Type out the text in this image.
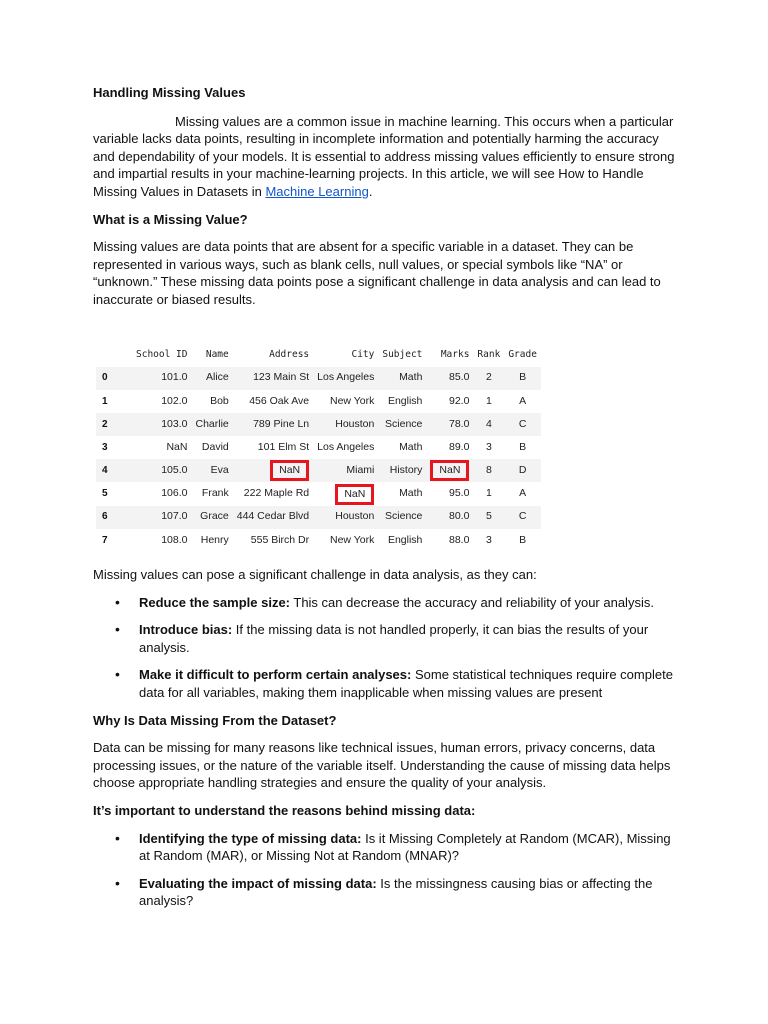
Handling Missing Values

Missing values are a common issue in machine learning. This occurs when a particular variable lacks data points, resulting in incomplete information and potentially harming the accuracy and dependability of your models. It is essential to address missing values efficiently to ensure strong and impartial results in your machine-learning projects. In this article, we will see How to Handle Missing Values in Datasets in Machine Learning.

What is a Missing Value?

Missing values are data points that are absent for a specific variable in a dataset. They can be represented in various ways, such as blank cells, null values, or special symbols like “NA” or “unknown.” These missing data points pose a significant challenge in data analysis and can lead to inaccurate or biased results.

	School ID	Name	Address	City	Subject	Marks	Rank	Grade
0	101.0	Alice	123 Main St	Los Angeles	Math	85.0	2	B
1	102.0	Bob	456 Oak Ave	New York	English	92.0	1	A
2	103.0	Charlie	789 Pine Ln	Houston	Science	78.0	4	C
3	NaN	David	101 Elm St	Los Angeles	Math	89.0	3	B
4	105.0	Eva	NaN	Miami	History	NaN	8	D
5	106.0	Frank	222 Maple Rd	NaN	Math	95.0	1	A
6	107.0	Grace	444 Cedar Blvd	Houston	Science	80.0	5	C
7	108.0	Henry	555 Birch Dr	New York	English	88.0	3	B

Missing values can pose a significant challenge in data analysis, as they can:

• Reduce the sample size: This can decrease the accuracy and reliability of your analysis.
• Introduce bias: If the missing data is not handled properly, it can bias the results of your analysis.
• Make it difficult to perform certain analyses: Some statistical techniques require complete data for all variables, making them inapplicable when missing values are present

Why Is Data Missing From the Dataset?

Data can be missing for many reasons like technical issues, human errors, privacy concerns, data processing issues, or the nature of the variable itself. Understanding the cause of missing data helps choose appropriate handling strategies and ensure the quality of your analysis.

It’s important to understand the reasons behind missing data:

• Identifying the type of missing data: Is it Missing Completely at Random (MCAR), Missing at Random (MAR), or Missing Not at Random (MNAR)?
• Evaluating the impact of missing data: Is the missingness causing bias or affecting the analysis?
